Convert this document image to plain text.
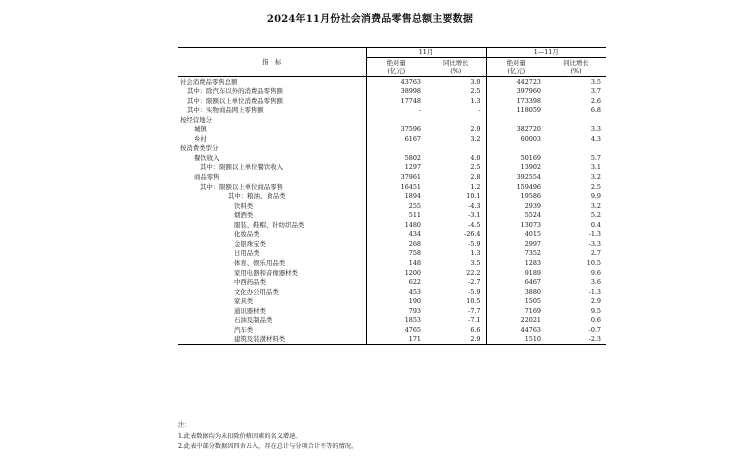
2024年11月份社会消费品零售总额主要数据
指　标	11月		1—11月	

	绝对量
(亿元)	同比增长
(%)	绝对量
(亿元)	同比增长
(%)

社会消费品零售总额	43763	3.0	442723	3.5
其中：除汽车以外的消费品零售额	38998	2.5	397960	3.7
其中：限额以上单位消费品零售额	17748	1.3	173398	2.6
其中：实物商品网上零售额	-	-	118059	6.8
按经营地分				
城镇	37596	2.9	382720	3.3
乡村	6167	3.2	60003	4.3
按消费类型分				
餐饮收入	5802	4.0	50169	5.7
其中：限额以上单位餐饮收入	1297	2.5	13902	3.1
商品零售	37961	2.8	392554	3.2
其中：限额以上单位商品零售	16451	1.2	159496	2.5
其中：粮油、食品类	1894	10.1	19586	9.9
饮料类	255	-4.3	2939	3.2
烟酒类	511	-3.1	5524	5.2
服装、鞋帽、针纺织品类	1480	-4.5	13073	0.4
化妆品类	434	-26.4	4015	-1.3
金银珠宝类	268	-5.9	2997	-3.3
日用品类	758	1.3	7352	2.7
体育、娱乐用品类	148	3.5	1283	10.5
家用电器和音像器材类	1200	22.2	9189	9.6
中西药品类	622	-2.7	6467	3.6
文化办公用品类	453	-5.9	3880	-1.3
家具类	190	10.5	1505	2.9
通讯器材类	793	-7.7	7169	9.5
石油及制品类	1853	-7.1	22021	0.6
汽车类	4765	6.6	44763	-0.7
建筑及装潢材料类	171	2.9	1510	-2.3
注：
1.此表数据均为未扣除价格因素的名义增速。
2.此表中部分数据因四舍五入，存在总计与分项合计不等的情况。
